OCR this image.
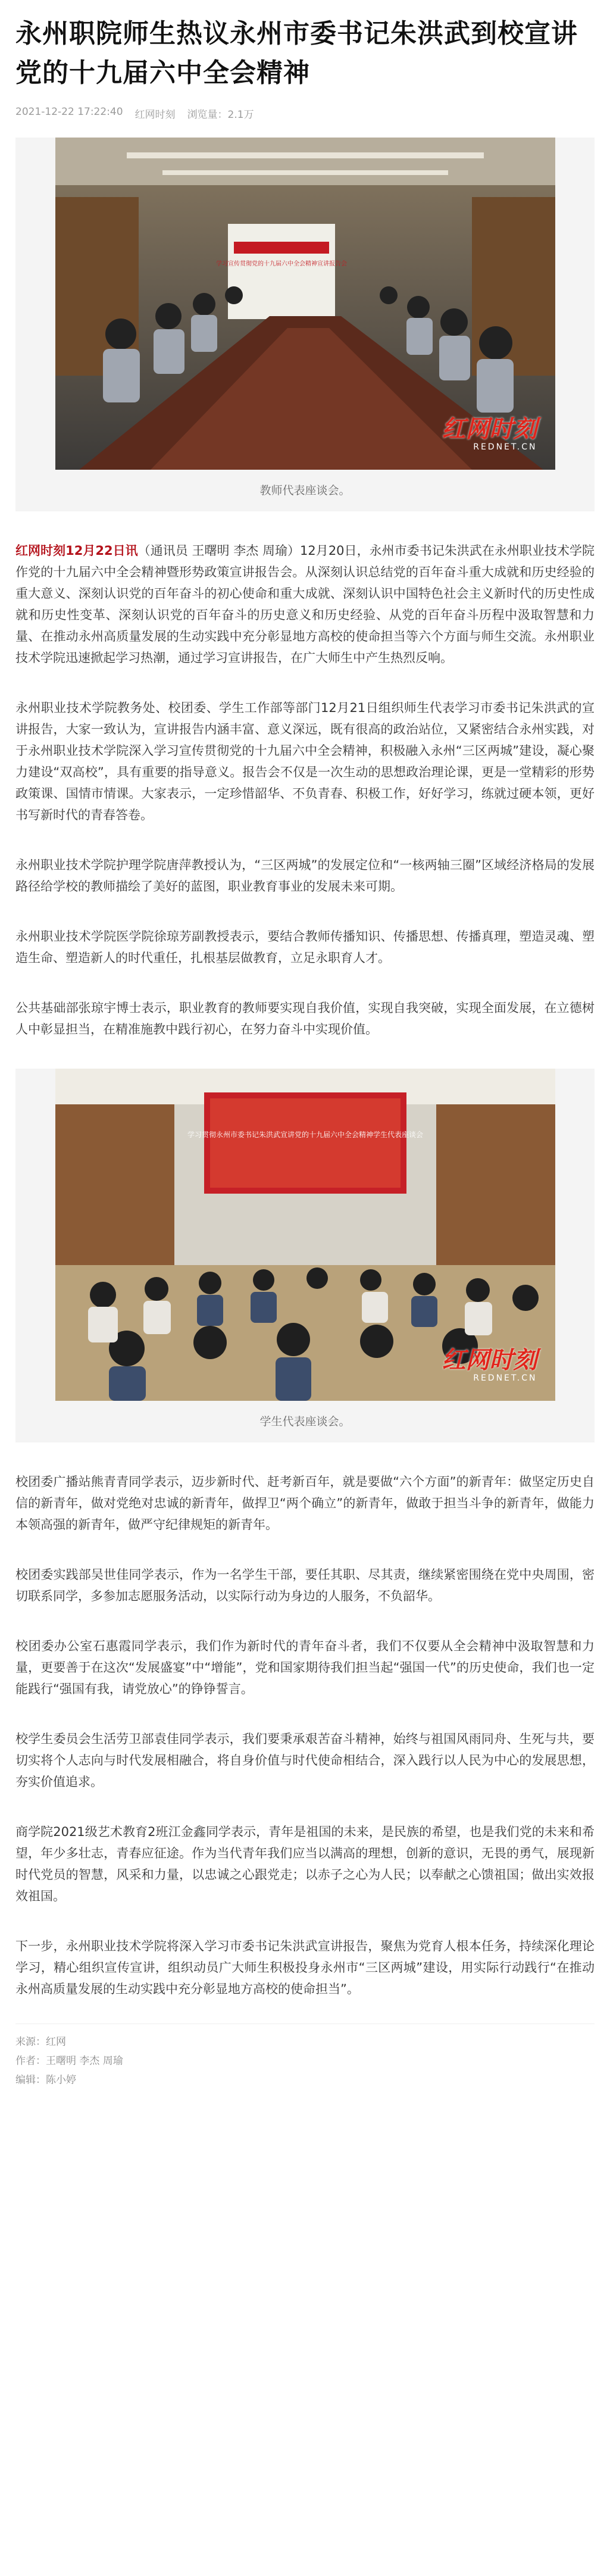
永州职院师生热议永州市委书记朱洪武到校宣讲党的十九届六中全会精神
2021-12-22 17:22:40 红网时刻 浏览量：2.1万
学习宣传贯彻党的十九届六中全会精神宣讲报告会
红网时刻
REDNET.CN
教师代表座谈会。

红网时刻12月22日讯（通讯员 王曙明 李杰 周瑜）12月20日，永州市委书记朱洪武在永州职业技术学院作党的十九届六中全会精神暨形势政策宣讲报告会。从深刻认识总结党的百年奋斗重大成就和历史经验的重大意义、深刻认识党的百年奋斗的初心使命和重大成就、深刻认识中国特色社会主义新时代的历史性成就和历史性变革、深刻认识党的百年奋斗的历史意义和历史经验、从党的百年奋斗历程中汲取智慧和力量、在推动永州高质量发展的生动实践中充分彰显地方高校的使命担当等六个方面与师生交流。永州职业技术学院迅速掀起学习热潮，通过学习宣讲报告，在广大师生中产生热烈反响。

永州职业技术学院教务处、校团委、学生工作部等部门12月21日组织师生代表学习市委书记朱洪武的宣讲报告，大家一致认为，宣讲报告内涵丰富、意义深远，既有很高的政治站位，又紧密结合永州实践，对于永州职业技术学院深入学习宣传贯彻党的十九届六中全会精神，积极融入永州“三区两城”建设，凝心聚力建设“双高校”，具有重要的指导意义。报告会不仅是一次生动的思想政治理论课，更是一堂精彩的形势政策课、国情市情课。大家表示，一定珍惜韶华、不负青春、积极工作，好好学习，练就过硬本领，更好书写新时代的青春答卷。

永州职业技术学院护理学院唐萍教授认为，“三区两城”的发展定位和“一核两轴三圈”区域经济格局的发展路径给学校的教师描绘了美好的蓝图，职业教育事业的发展未来可期。

永州职业技术学院医学院徐琼芳副教授表示，要结合教师传播知识、传播思想、传播真理，塑造灵魂、塑造生命、塑造新人的时代重任，扎根基层做教育，立足永职育人才。

公共基础部张琼宇博士表示，职业教育的教师要实现自我价值，实现自我突破，实现全面发展，在立德树人中彰显担当，在精准施教中践行初心，在努力奋斗中实现价值。

学习贯彻永州市委书记朱洪武宣讲党的十九届六中全会精神学生代表座谈会
红网时刻
REDNET.CN
学生代表座谈会。

校团委广播站熊青青同学表示，迈步新时代、赶考新百年，就是要做“六个方面”的新青年：做坚定历史自信的新青年，做对党绝对忠诚的新青年，做捍卫“两个确立”的新青年，做敢于担当斗争的新青年，做能力本领高强的新青年，做严守纪律规矩的新青年。

校团委实践部吴世佳同学表示，作为一名学生干部，要任其职、尽其责，继续紧密围绕在党中央周围，密切联系同学，多参加志愿服务活动，以实际行动为身边的人服务，不负韶华。

校团委办公室石惠霞同学表示，我们作为新时代的青年奋斗者，我们不仅要从全会精神中汲取智慧和力量，更要善于在这次“发展盛宴”中“增能”，党和国家期待我们担当起“强国一代”的历史使命，我们也一定能践行“强国有我，请党放心”的铮铮誓言。

校学生委员会生活劳卫部袁佳同学表示，我们要秉承艰苦奋斗精神，始终与祖国风雨同舟、生死与共，要切实将个人志向与时代发展相融合，将自身价值与时代使命相结合，深入践行以人民为中心的发展思想，夯实价值追求。

商学院2021级艺术教育2班江金鑫同学表示，青年是祖国的未来，是民族的希望，也是我们党的未来和希望，年少多壮志，青春应征途。作为当代青年我们应当以满高的理想，创新的意识，无畏的勇气，展现新时代党员的智慧，风采和力量，以忠诚之心跟党走；以赤子之心为人民；以奉献之心馈祖国；做出实效报效祖国。

下一步，永州职业技术学院将深入学习市委书记朱洪武宣讲报告，聚焦为党育人根本任务，持续深化理论学习，精心组织宣传宣讲，组织动员广大师生积极投身永州市“三区两城”建设，用实际行动践行“在推动永州高质量发展的生动实践中充分彰显地方高校的使命担当”。

来源：红网
作者：王曙明 李杰 周瑜
编辑：陈小婷
